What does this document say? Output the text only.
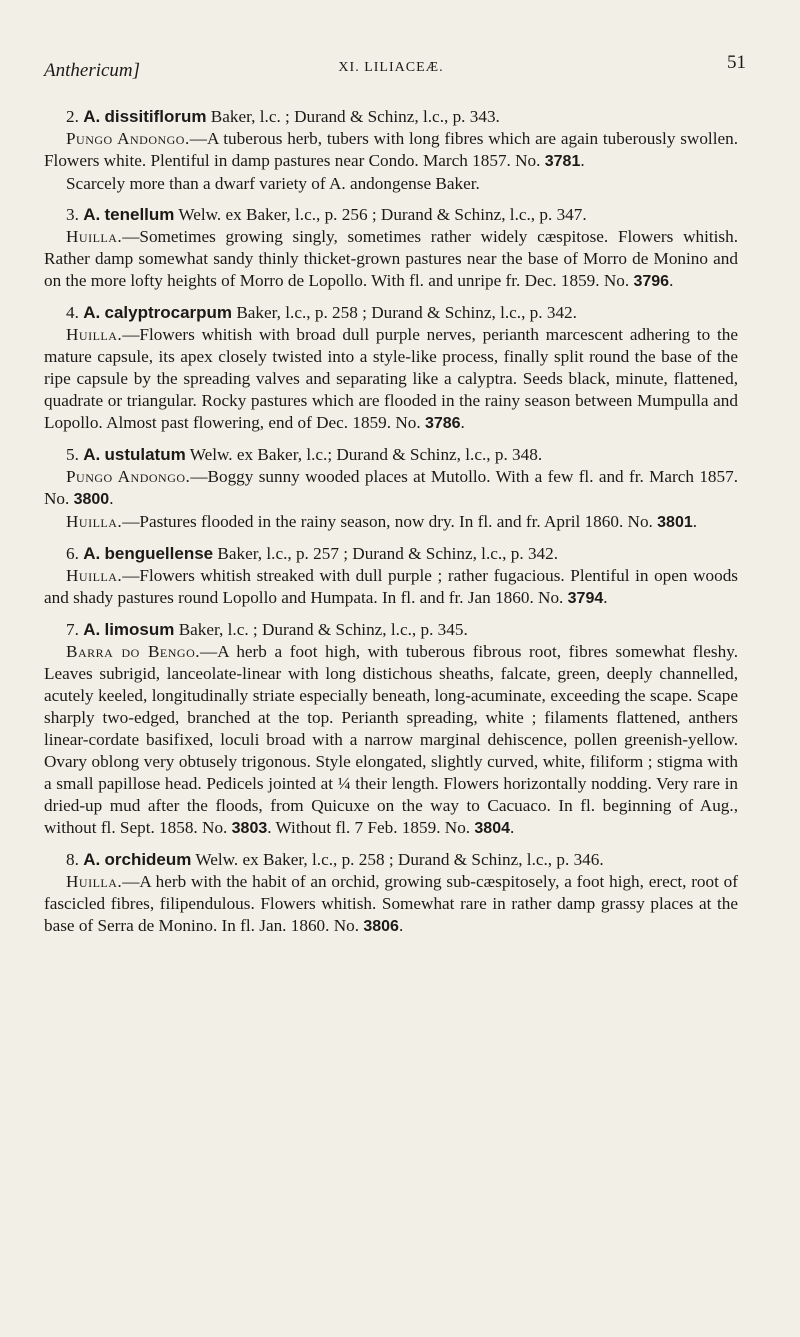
Anthericum]	XI. LILIACEÆ.	51

2. A. dissitiflorum Baker, l.c. ; Durand & Schinz, l.c., p. 343.

Pungo Andongo.—A tuberous herb, tubers with long fibres which are again tuberously swollen. Flowers white. Plentiful in damp pastures near Condo. March 1857. No. 3781.

Scarcely more than a dwarf variety of A. andongense Baker.

3. A. tenellum Welw. ex Baker, l.c., p. 256 ; Durand & Schinz, l.c., p. 347.

Huilla.—Sometimes growing singly, sometimes rather widely cæspitose. Flowers whitish. Rather damp somewhat sandy thinly thicket-grown pastures near the base of Morro de Monino and on the more lofty heights of Morro de Lopollo. With fl. and unripe fr. Dec. 1859. No. 3796.

4. A. calyptrocarpum Baker, l.c., p. 258 ; Durand & Schinz, l.c., p. 342.

Huilla.—Flowers whitish with broad dull purple nerves, perianth marcescent adhering to the mature capsule, its apex closely twisted into a style-like process, finally split round the base of the ripe capsule by the spreading valves and separating like a calyptra. Seeds black, minute, flattened, quadrate or triangular. Rocky pastures which are flooded in the rainy season between Mumpulla and Lopollo. Almost past flowering, end of Dec. 1859. No. 3786.

5. A. ustulatum Welw. ex Baker, l.c.; Durand & Schinz, l.c., p. 348.

Pungo Andongo.—Boggy sunny wooded places at Mutollo. With a few fl. and fr. March 1857. No. 3800.

Huilla.—Pastures flooded in the rainy season, now dry. In fl. and fr. April 1860. No. 3801.

6. A. benguellense Baker, l.c., p. 257 ; Durand & Schinz, l.c., p. 342.

Huilla.—Flowers whitish streaked with dull purple ; rather fugacious. Plentiful in open woods and shady pastures round Lopollo and Humpata. In fl. and fr. Jan 1860. No. 3794.

7. A. limosum Baker, l.c. ; Durand & Schinz, l.c., p. 345.

Barra do Bengo.—A herb a foot high, with tuberous fibrous root, fibres somewhat fleshy. Leaves subrigid, lanceolate-linear with long distichous sheaths, falcate, green, deeply channelled, acutely keeled, longitudinally striate especially beneath, long-acuminate, exceeding the scape. Scape sharply two-edged, branched at the top. Perianth spreading, white ; filaments flattened, anthers linear-cordate basifixed, loculi broad with a narrow marginal dehiscence, pollen greenish-yellow. Ovary oblong very obtusely trigonous. Style elongated, slightly curved, white, filiform ; stigma with a small papillose head. Pedicels jointed at ¼ their length. Flowers horizontally nodding. Very rare in dried-up mud after the floods, from Quicuxe on the way to Cacuaco. In fl. beginning of Aug., without fl. Sept. 1858. No. 3803. Without fl. 7 Feb. 1859. No. 3804.

8. A. orchideum Welw. ex Baker, l.c., p. 258 ; Durand & Schinz, l.c., p. 346.

Huilla.—A herb with the habit of an orchid, growing sub-cæspitosely, a foot high, erect, root of fascicled fibres, filipendulous. Flowers whitish. Somewhat rare in rather damp grassy places at the base of Serra de Monino. In fl. Jan. 1860. No. 3806.
